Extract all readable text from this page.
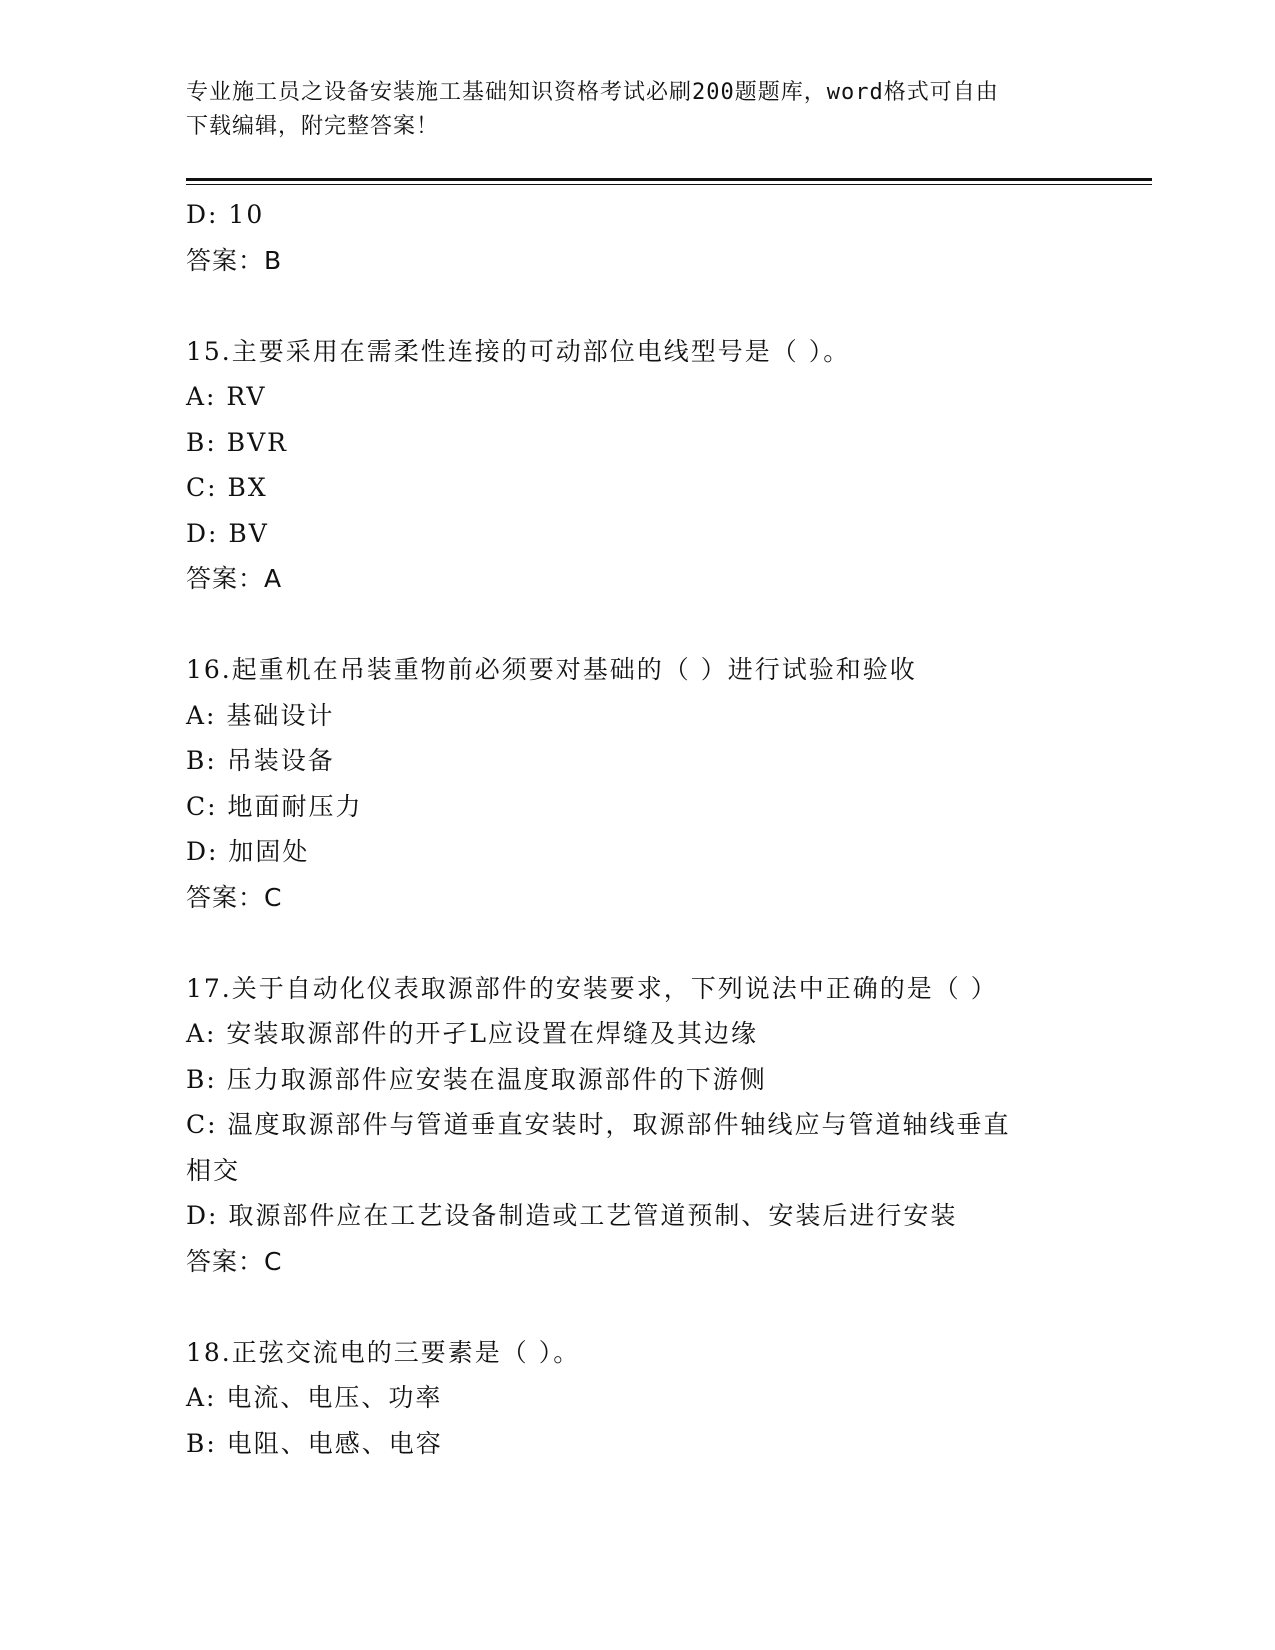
专业施工员之设备安装施工基础知识资格考试必刷200题题库，word格式可自由
下载编辑，附完整答案！
D: 10
答案：B
15.主要采用在需柔性连接的可动部位电线型号是（ ）。
A: RV
B: BVR
C: BX
D: BV
答案：A
16.起重机在吊装重物前必须要对基础的（ ）进行试验和验收
A: 基础设计
B: 吊装设备
C: 地面耐压力
D: 加固处
答案：C
17.关于自动化仪表取源部件的安装要求，下列说法中正确的是（ ）
A: 安装取源部件的开孑L应设置在焊缝及其边缘
B: 压力取源部件应安装在温度取源部件的下游侧
C: 温度取源部件与管道垂直安装时，取源部件轴线应与管道轴线垂直
相交
D: 取源部件应在工艺设备制造或工艺管道预制、安装后进行安装
答案：C
18.正弦交流电的三要素是（ ）。
A: 电流、电压、功率
B: 电阻、电感、电容
